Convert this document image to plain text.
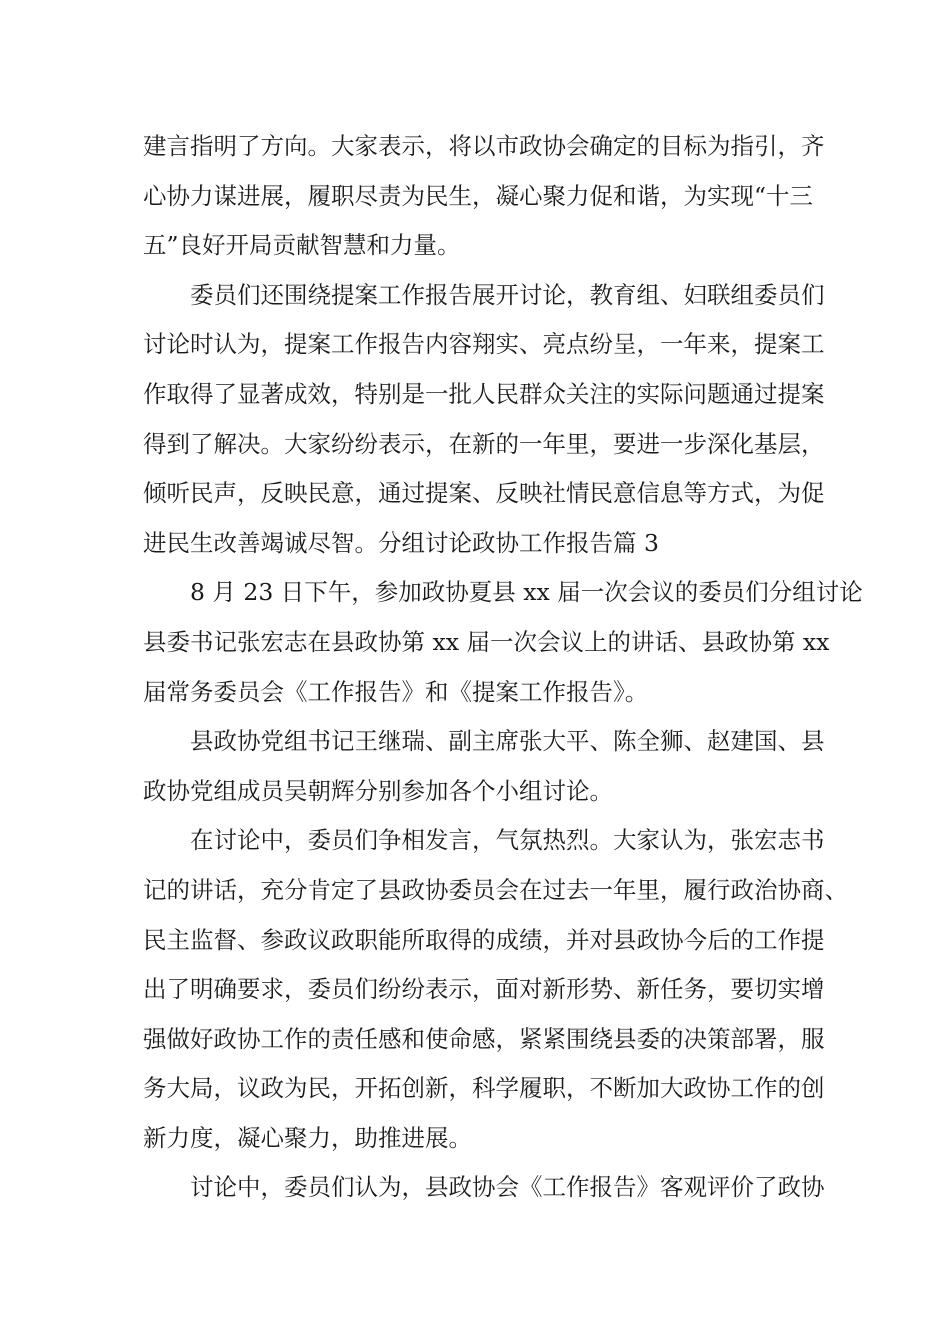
建言指明了方向。大家表示，将以市政协会确定的目标为指引，齐
心协力谋进展，履职尽责为民生，凝心聚力促和谐，为实现“十三
五”良好开局贡献智慧和力量。
委员们还围绕提案工作报告展开讨论，教育组、妇联组委员们
讨论时认为，提案工作报告内容翔实、亮点纷呈，一年来，提案工
作取得了显著成效，特别是一批人民群众关注的实际问题通过提案
得到了解决。大家纷纷表示，在新的一年里，要进一步深化基层，
倾听民声，反映民意，通过提案、反映社情民意信息等方式，为促
进民生改善竭诚尽智。分组讨论政协工作报告篇 3
8 月 23 日下午，参加政协夏县 xx 届一次会议的委员们分组讨论
县委书记张宏志在县政协第 xx 届一次会议上的讲话、县政协第 xx
届常务委员会《工作报告》和《提案工作报告》。
县政协党组书记王继瑞、副主席张大平、陈全狮、赵建国、县
政协党组成员吴朝辉分别参加各个小组讨论。
在讨论中，委员们争相发言，气氛热烈。大家认为，张宏志书
记的讲话，充分肯定了县政协委员会在过去一年里，履行政治协商、
民主监督、参政议政职能所取得的成绩，并对县政协今后的工作提
出了明确要求，委员们纷纷表示，面对新形势、新任务，要切实增
强做好政协工作的责任感和使命感，紧紧围绕县委的决策部署，服
务大局，议政为民，开拓创新，科学履职，不断加大政协工作的创
新力度，凝心聚力，助推进展。
讨论中，委员们认为，县政协会《工作报告》客观评价了政协
